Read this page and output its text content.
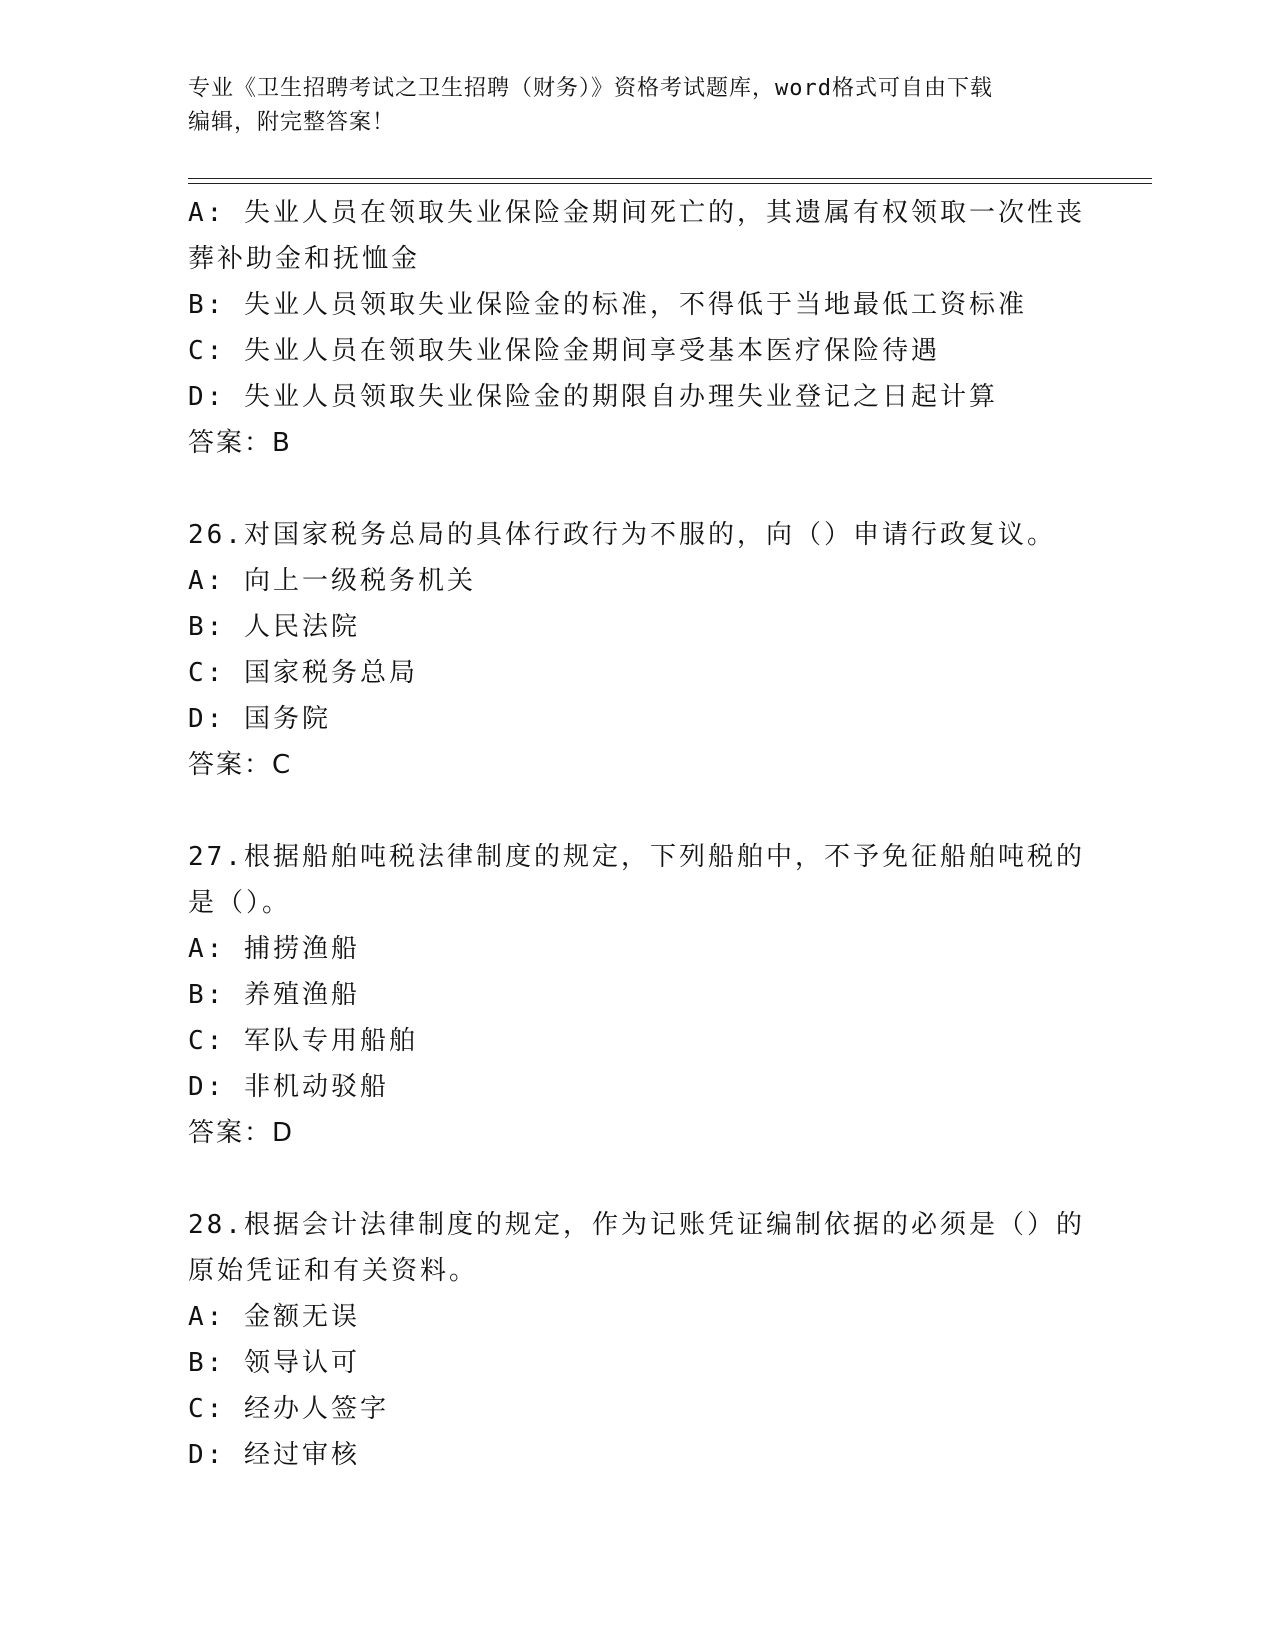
专业《卫生招聘考试之卫生招聘（财务）》资格考试题库，word格式可自由下载
编辑，附完整答案！
A: 失业人员在领取失业保险金期间死亡的，其遗属有权领取一次性丧
葬补助金和抚恤金
B: 失业人员领取失业保险金的标准，不得低于当地最低工资标准
C: 失业人员在领取失业保险金期间享受基本医疗保险待遇
D: 失业人员领取失业保险金的期限自办理失业登记之日起计算
答案：B
26.对国家税务总局的具体行政行为不服的，向（）申请行政复议。
A: 向上一级税务机关
B: 人民法院
C: 国家税务总局
D: 国务院
答案：C
27.根据船舶吨税法律制度的规定，下列船舶中，不予免征船舶吨税的
是（）。
A: 捕捞渔船
B: 养殖渔船
C: 军队专用船舶
D: 非机动驳船
答案：D
28.根据会计法律制度的规定，作为记账凭证编制依据的必须是（）的
原始凭证和有关资料。
A: 金额无误
B: 领导认可
C: 经办人签字
D: 经过审核
